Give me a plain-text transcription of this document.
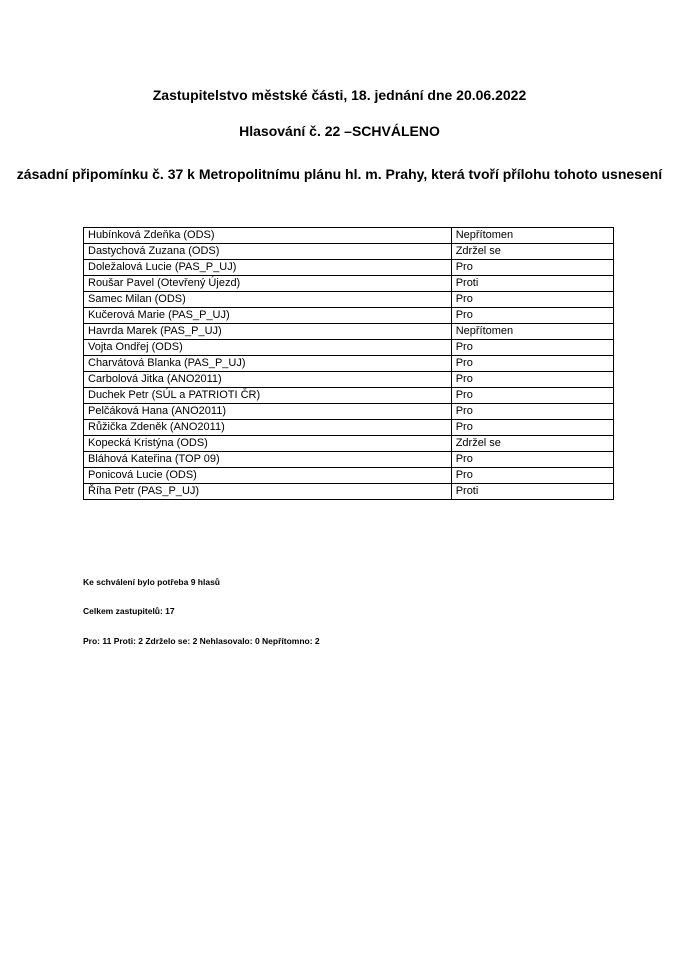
Zastupitelstvo městské části, 18. jednání dne 20.06.2022

Hlasování č. 22 –SCHVÁLENO

zásadní připomínku č. 37 k Metropolitnímu plánu hl. m. Prahy, která tvoří přílohu tohoto usnesení

Hubínková Zdeňka (ODS)	Nepřítomen
Dastychová Zuzana (ODS)	Zdržel se
Doležalová Lucie (PAS_P_UJ)	Pro
Roušar Pavel (Otevřený Újezd)	Proti
Samec Milan (ODS)	Pro
Kučerová Marie (PAS_P_UJ)	Pro
Havrda Marek (PAS_P_UJ)	Nepřítomen
Vojta Ondřej (ODS)	Pro
Charvátová Blanka (PAS_P_UJ)	Pro
Carbolová Jitka (ANO2011)	Pro
Duchek Petr (SÚL a PATRIOTI ČR)	Pro
Pelčáková Hana (ANO2011)	Pro
Růžička Zdeněk (ANO2011)	Pro
Kopecká Kristýna (ODS)	Zdržel se
Bláhová Kateřina (TOP 09)	Pro
Ponicová Lucie (ODS)	Pro
Říha Petr (PAS_P_UJ)	Proti

Ke schválení bylo potřeba 9 hlasů

Celkem zastupitelů: 17

Pro: 11 Proti: 2 Zdrželo se: 2 Nehlasovalo: 0 Nepřítomno: 2
